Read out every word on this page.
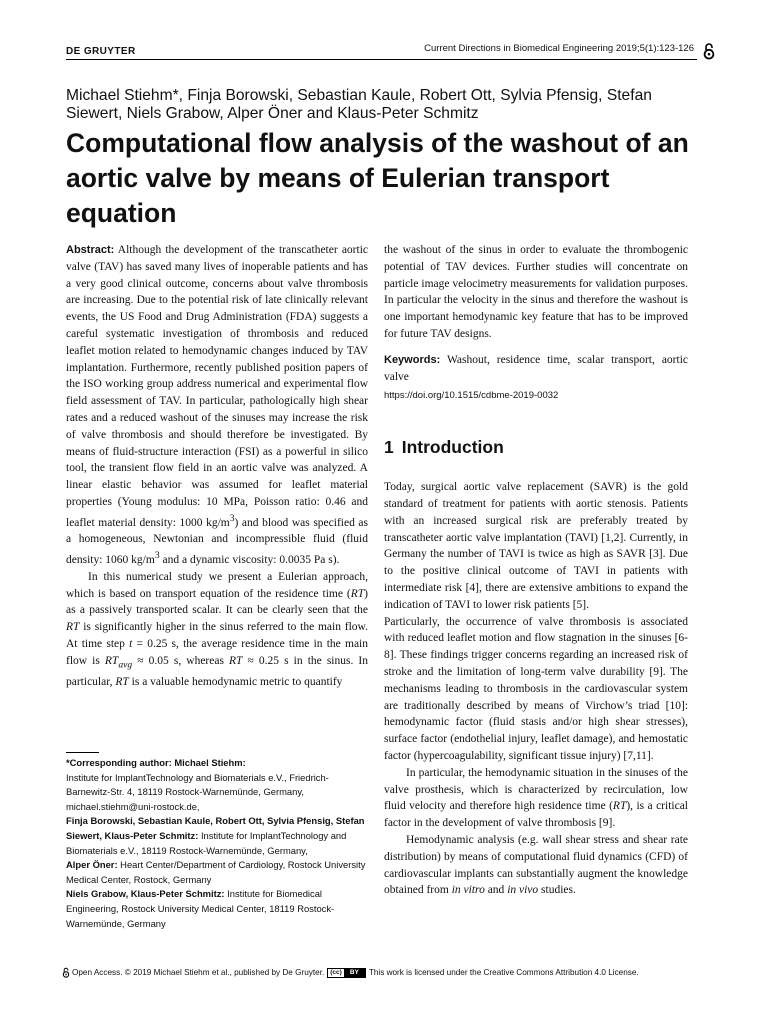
DE GRUYTER	Current Directions in Biomedical Engineering 2019;5(1):123-126
Michael Stiehm*, Finja Borowski, Sebastian Kaule, Robert Ott, Sylvia Pfensig, Stefan Siewert, Niels Grabow, Alper Öner and Klaus-Peter Schmitz
Computational flow analysis of the washout of an aortic valve by means of Eulerian transport equation

Abstract: Although the development of the transcatheter aortic valve (TAV) has saved many lives of inoperable patients and has a very good clinical outcome, concerns about valve thrombosis are increasing. Due to the potential risk of late clinically relevant events, the US Food and Drug Administration (FDA) suggests a careful systematic investigation of thrombosis and reduced leaflet motion related to hemodynamic changes induced by TAV implantation. Furthermore, recently published position papers of the ISO working group address numerical and experimental flow field assessment of TAV. In particular, pathologically high shear rates and a reduced washout of the sinuses may increase the risk of valve thrombosis and should therefore be investigated. By means of fluid-structure interaction (FSI) as a powerful in silico tool, the transient flow field in an aortic valve was analyzed. A linear elastic behavior was assumed for leaflet material properties (Young modulus: 10 MPa, Poisson ratio: 0.46 and leaflet material density: 1000 $kg/m^3$) and blood was specified as a homogeneous, Newtonian and incompressible fluid (fluid density: 1060 $kg/m^3$ and a dynamic viscosity: 0.0035 Pa s).

In this numerical study we present a Eulerian approach, which is based on transport equation of the residence time (RT) as a passively transported scalar. It can be clearly seen that the RT is significantly higher in the sinus referred to the main flow. At time step t = 0.25 s, the average residence time in the main flow is $RT_{avg} \approx 0.05$ s, whereas RT ≈ 0.25 s in the sinus. In particular, RT is a valuable hemodynamic metric to quantify

*Corresponding author: Michael Stiehm:
Institute for ImplantTechnology and Biomaterials e.V., Friedrich-Barnewitz-Str. 4, 18119 Rostock-Warnemünde, Germany, michael.stiehm@uni-rostock.de,

Finja Borowski, Sebastian Kaule, Robert Ott, Sylvia Pfensig, Stefan Siewert, Klaus-Peter Schmitz: Institute for ImplantTechnology and Biomaterials e.V., 18119 Rostock-Warnemünde, Germany,

Alper Öner: Heart Center/Department of Cardiology, Rostock University Medical Center, Rostock, Germany

Niels Grabow, Klaus-Peter Schmitz: Institute for Biomedical Engineering, Rostock University Medical Center, 18119 Rostock-Warnemünde, Germany

the washout of the sinus in order to evaluate the thrombogenic potential of TAV devices. Further studies will concentrate on particle image velocimetry measurements for validation purposes. In particular the velocity in the sinus and therefore the washout is one important hemodynamic key feature that has to be improved for future TAV designs.

Keywords: Washout, residence time, scalar transport, aortic valve

https://doi.org/10.1515/cdbme-2019-0032

1 Introduction

Today, surgical aortic valve replacement (SAVR) is the gold standard of treatment for patients with aortic stenosis. Patients with an increased surgical risk are preferably treated by transcatheter aortic valve implantation (TAVI) [1,2]. Currently, in Germany the number of TAVI is twice as high as SAVR [3]. Due to the positive clinical outcome of TAVI in patients with intermediate risk [4], there are extensive ambitions to expand the indication of TAVI to lower risk patients [5].

Particularly, the occurrence of valve thrombosis is associated with reduced leaflet motion and flow stagnation in the sinuses [6-8]. These findings trigger concerns regarding an increased risk of stroke and the limitation of long-term valve durability [9]. The mechanisms leading to thrombosis in the cardiovascular system are traditionally described by means of Virchow’s triad [10]: hemodynamic factor (fluid stasis and/or high shear stresses), surface factor (endothelial injury, leaflet damage), and hemostatic factor (hypercoagulability, significant tissue injury) [7,11].

In particular, the hemodynamic situation in the sinuses of the valve prosthesis, which is characterized by recirculation, low fluid velocity and therefore high residence time (RT), is a critical factor in the development of valve thrombosis [9].

Hemodynamic analysis (e.g. wall shear stress and shear rate distribution) by means of computational fluid dynamics (CFD) of cardiovascular implants can substantially augment the knowledge obtained from in vitro and in vivo studies.

Open Access. © 2019 Michael Stiehm et al., published by De Gruyter. (cc)	BY	This work is licensed under the Creative Commons Attribution 4.0 License.
